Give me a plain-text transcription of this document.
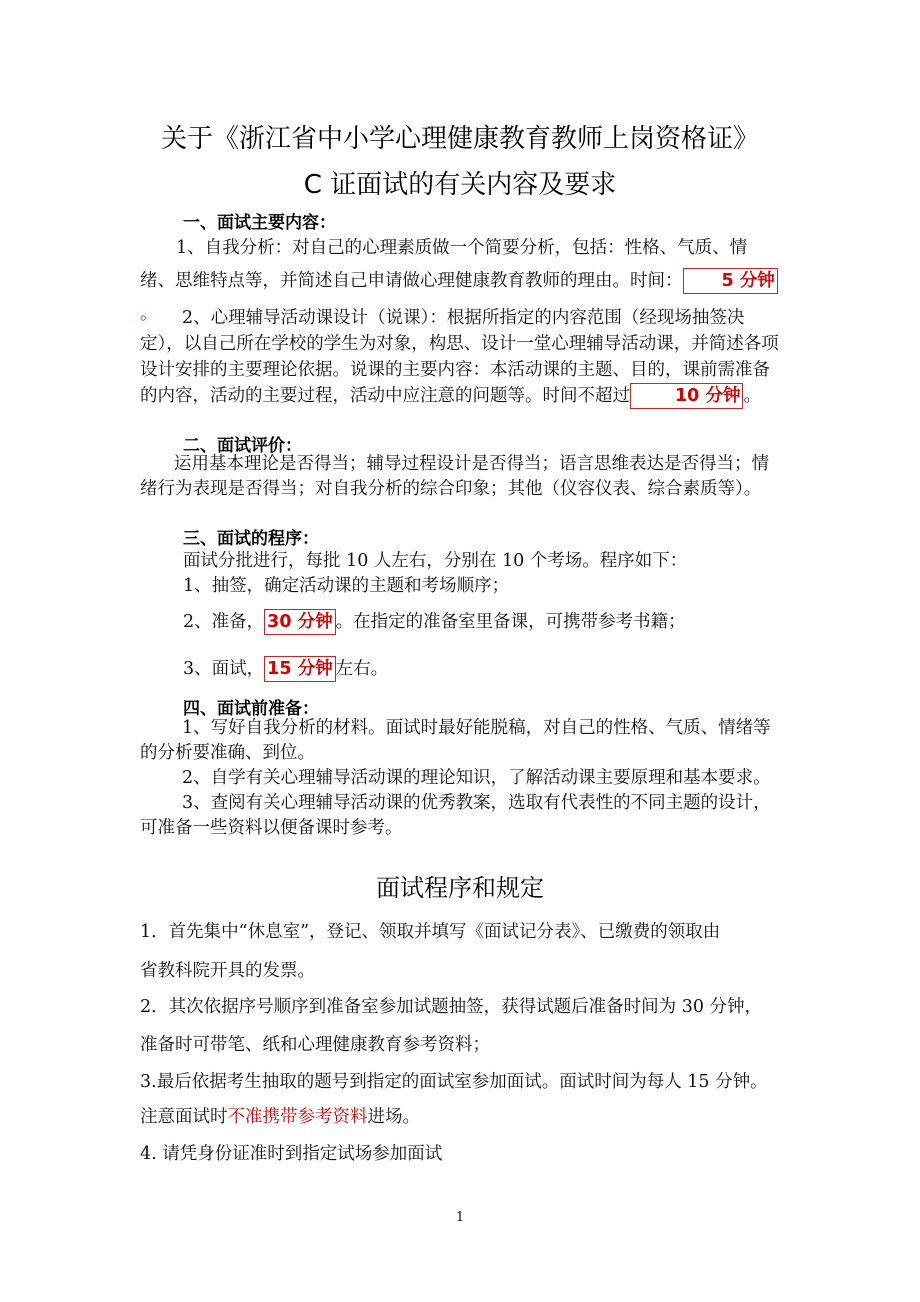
关于《浙江省中小学心理健康教育教师上岗资格证》
C 证面试的有关内容及要求
一、面试主要内容：
1、自我分析：对自己的心理素质做一个简要分析，包括：性格、气质、情绪、思维特点等，并简述自己申请做心理健康教育教师的理由。时间： 5 分钟。	2、心理辅导活动课设计（说课）：根据所指定的内容范围（经现场抽签决定），以自己所在学校的学生为对象，构思、设计一堂心理辅导活动课，并简述各项设计安排的主要理论依据。说课的主要内容：本活动课的主题、目的，课前需准备的内容，活动的主要过程，活动中应注意的问题等。时间不超过	10 分钟 。
二、面试评价：
运用基本理论是否得当；辅导过程设计是否得当；语言思维表达是否得当；情绪行为表现是否得当；对自我分析的综合印象；其他（仪容仪表、综合素质等）。
三、面试的程序：
面试分批进行，每批 10 人左右，分别在 10 个考场。程序如下：
1、抽签，确定活动课的主题和考场顺序；
2、准备， 30 分钟 。在指定的准备室里备课，可携带参考书籍；
3、面试， 15 分钟 左右。
四、面试前准备：
1、写好自我分析的材料。面试时最好能脱稿，对自己的性格、气质、情绪等的分析要准确、到位。
2、自学有关心理辅导活动课的理论知识，了解活动课主要原理和基本要求。
3、查阅有关心理辅导活动课的优秀教案，选取有代表性的不同主题的设计，可准备一些资料以便备课时参考。
面试程序和规定
1．首先集中“休息室”，登记、领取并填写《面试记分表》、已缴费的领取由
省教科院开具的发票。
2．其次依据序号顺序到准备室参加试题抽签，获得试题后准备时间为 30 分钟，
准备时可带笔、纸和心理健康教育参考资料；
3.最后依据考生抽取的题号到指定的面试室参加面试。面试时间为每人 15 分钟。
注意面试时不准携带参考资料进场。
4. 请凭身份证准时到指定试场参加面试
1
